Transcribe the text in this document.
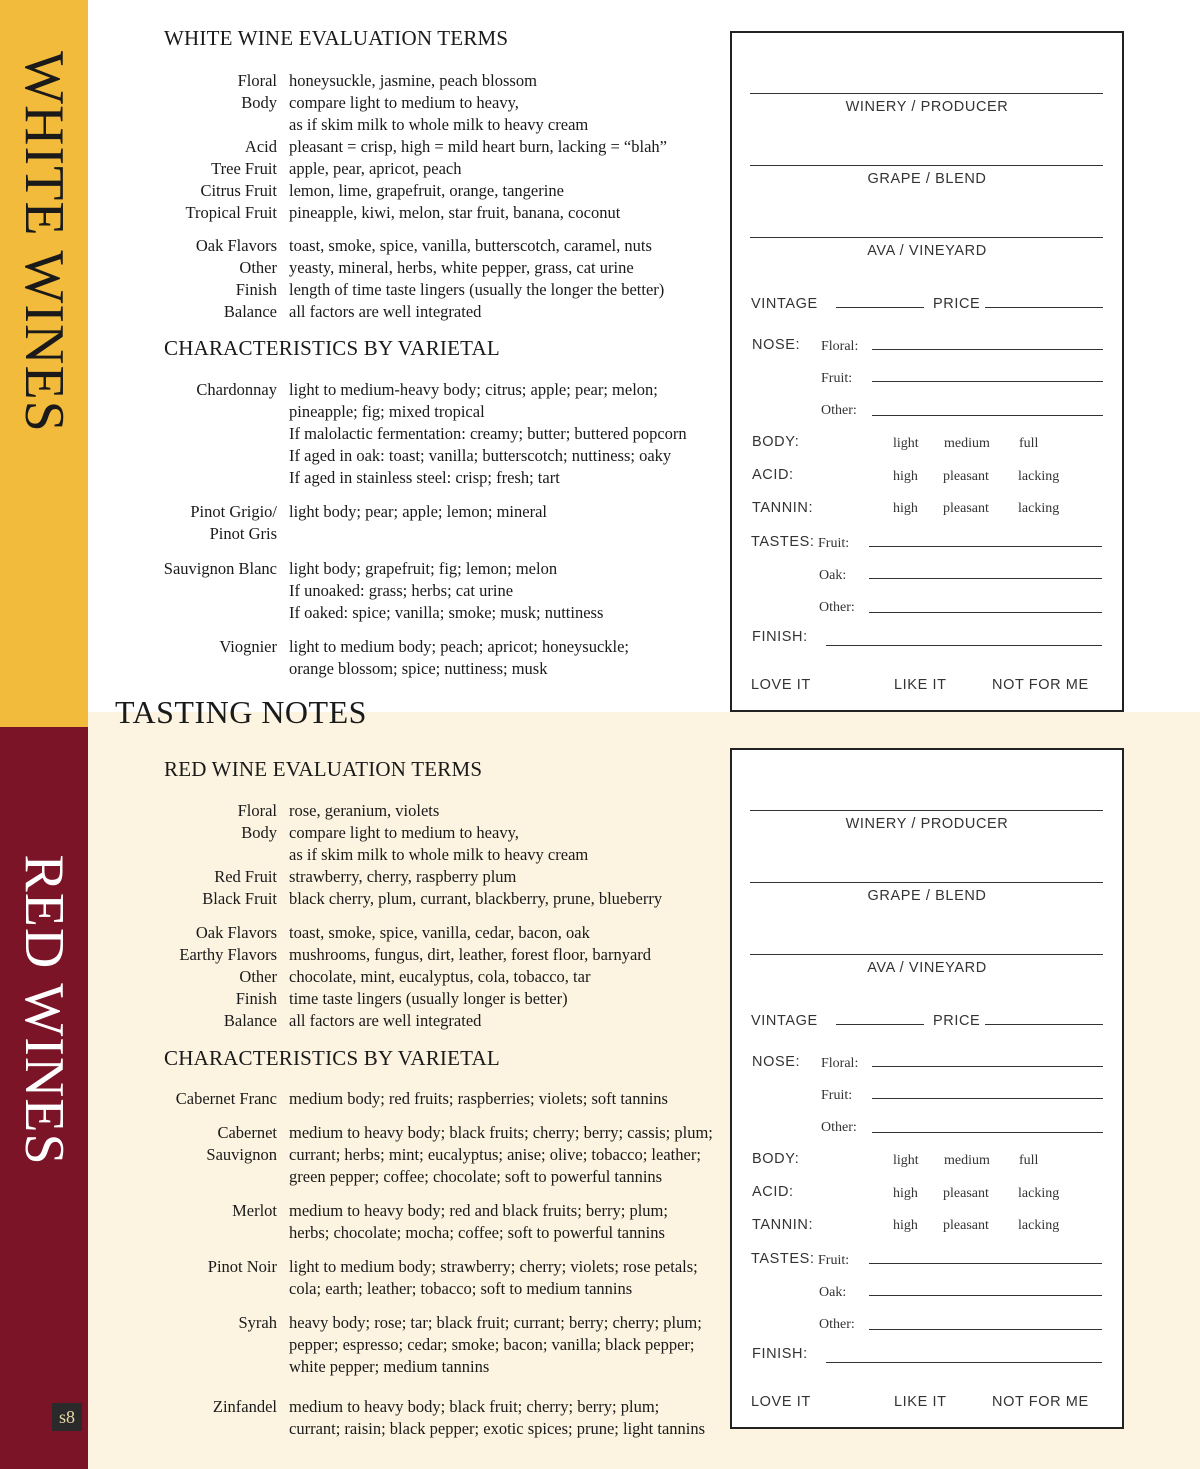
WHITE WINES
RED WINES
s8
WHITE WINE EVALUATION TERMS
Floral honeysuckle, jasmine, peach blossom
Body compare light to medium to heavy,
as if skim milk to whole milk to heavy cream
Acid pleasant = crisp, high = mild heart burn, lacking = “blah”
Tree Fruit apple, pear, apricot, peach
Citrus Fruit lemon, lime, grapefruit, orange, tangerine
Tropical Fruit pineapple, kiwi, melon, star fruit, banana, coconut
Oak Flavors toast, smoke, spice, vanilla, butterscotch, caramel, nuts
Other yeasty, mineral, herbs, white pepper, grass, cat urine
Finish length of time taste lingers (usually the longer the better)
Balance all factors are well integrated
CHARACTERISTICS BY VARIETAL
Chardonnay light to medium-heavy body; citrus; apple; pear; melon;
pineapple; fig; mixed tropical
If malolactic fermentation: creamy; butter; buttered popcorn
If aged in oak: toast; vanilla; butterscotch; nuttiness; oaky
If aged in stainless steel: crisp; fresh; tart
Pinot Grigio/
Pinot Gris
light body; pear; apple; lemon; mineral
Sauvignon Blanc light body; grapefruit; fig; lemon; melon
If unoaked: grass; herbs; cat urine
If oaked: spice; vanilla; smoke; musk; nuttiness
Viognier light to medium body; peach; apricot; honeysuckle;
orange blossom; spice; nuttiness; musk
TASTING NOTES
RED WINE EVALUATION TERMS
Floral rose, geranium, violets
Body compare light to medium to heavy,
as if skim milk to whole milk to heavy cream
Red Fruit strawberry, cherry, raspberry plum
Black Fruit black cherry, plum, currant, blackberry, prune, blueberry
Oak Flavors toast, smoke, spice, vanilla, cedar, bacon, oak
Earthy Flavors mushrooms, fungus, dirt, leather, forest floor, barnyard
Other chocolate, mint, eucalyptus, cola, tobacco, tar
Finish time taste lingers (usually longer is better)
Balance all factors are well integrated
CHARACTERISTICS BY VARIETAL
Cabernet Franc medium body; red fruits; raspberries; violets; soft tannins
Cabernet
Sauvignon
medium to heavy body; black fruits; cherry; berry; cassis; plum;
currant; herbs; mint; eucalyptus; anise; olive; tobacco; leather;
green pepper; coffee; chocolate; soft to powerful tannins
Merlot medium to heavy body; red and black fruits; berry; plum;
herbs; chocolate; mocha; coffee; soft to powerful tannins
Pinot Noir light to medium body; strawberry; cherry; violets; rose petals;
cola; earth; leather; tobacco; soft to medium tannins
Syrah heavy body; rose; tar; black fruit; currant; berry; cherry; plum;
pepper; espresso; cedar; smoke; bacon; vanilla; black pepper;
white pepper; medium tannins
Zinfandel medium to heavy body; black fruit; cherry; berry; plum;
currant; raisin; black pepper; exotic spices; prune; light tannins
WINERY / PRODUCER
GRAPE / BLEND
AVA / VINEYARD
VINTAGE	PRICE
NOSE: Floral:
Fruit:
Other:
BODY:	light medium full
ACID:	high pleasant lacking
TANNIN:	high pleasant lacking
TASTES: Fruit:
Oak:
Other:
FINISH:
LOVE IT	LIKE IT	NOT FOR ME
WINERY / PRODUCER
GRAPE / BLEND
AVA / VINEYARD
VINTAGE	PRICE
NOSE: Floral:
Fruit:
Other:
BODY:	light medium full
ACID:	high pleasant lacking
TANNIN:	high pleasant lacking
TASTES: Fruit:
Oak:
Other:
FINISH:
LOVE IT	LIKE IT	NOT FOR ME
